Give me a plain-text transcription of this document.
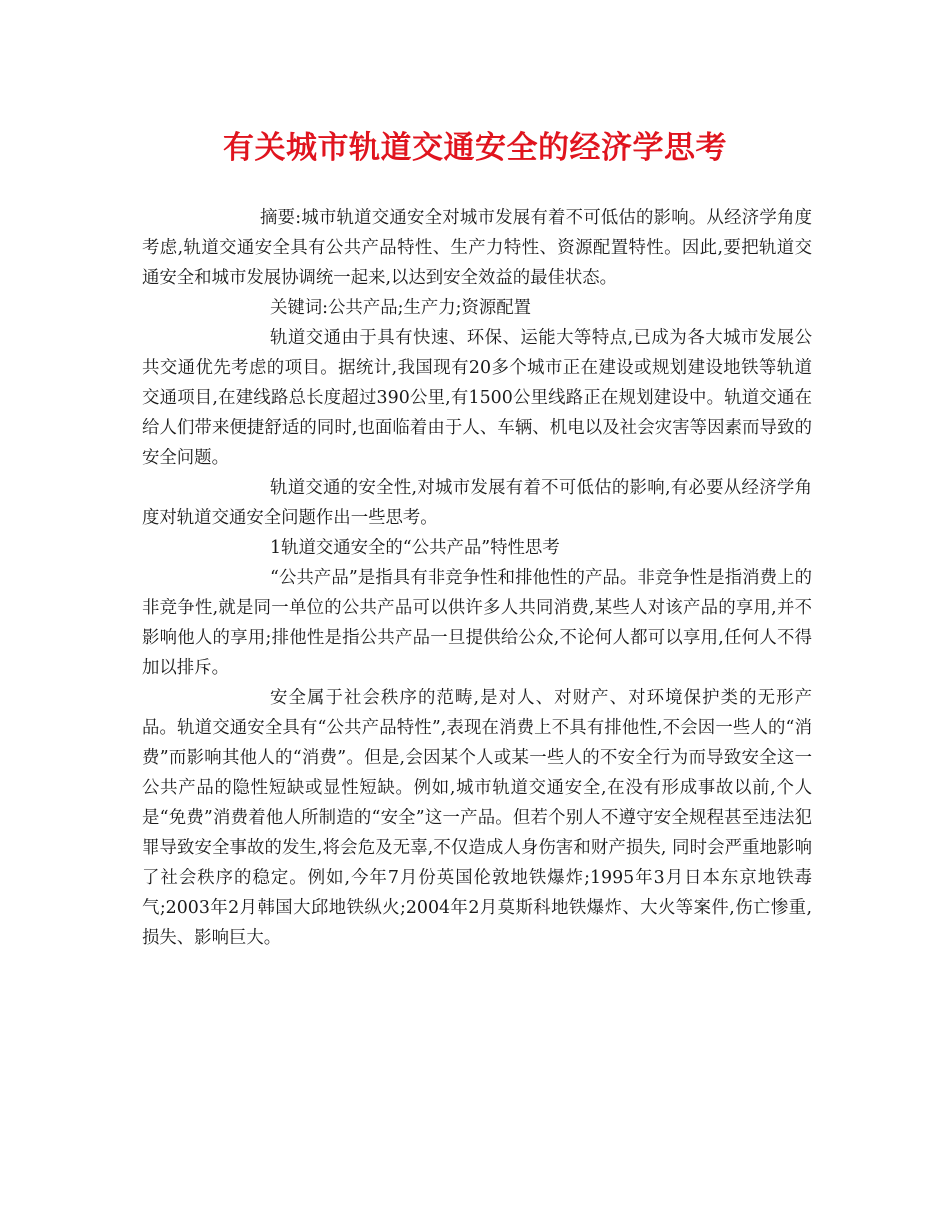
有关城市轨道交通安全的经济学思考

摘要:城市轨道交通安全对城市发展有着不可低估的影响。从经济学角度考虑,轨道交通安全具有公共产品特性、生产力特性、资源配置特性。因此,要把轨道交通安全和城市发展协调统一起来,以达到安全效益的最佳状态。

关键词:公共产品;生产力;资源配置

轨道交通由于具有快速、环保、运能大等特点,已成为各大城市发展公共交通优先考虑的项目。据统计,我国现有20多个城市正在建设或规划建设地铁等轨道交通项目,在建线路总长度超过390公里,有1500公里线路正在规划建设中。轨道交通在给人们带来便捷舒适的同时,也面临着由于人、车辆、机电以及社会灾害等因素而导致的安全问题。

轨道交通的安全性,对城市发展有着不可低估的影响,有必要从经济学角度对轨道交通安全问题作出一些思考。

1轨道交通安全的“公共产品”特性思考

“公共产品”是指具有非竞争性和排他性的产品。非竞争性是指消费上的非竞争性,就是同一单位的公共产品可以供许多人共同消费,某些人对该产品的享用,并不影响他人的享用;排他性是指公共产品一旦提供给公众,不论何人都可以享用,任何人不得加以排斥。

安全属于社会秩序的范畴,是对人、对财产、对环境保护类的无形产品。轨道交通安全具有“公共产品特性”,表现在消费上不具有排他性,不会因一些人的“消费”而影响其他人的“消费”。但是,会因某个人或某一些人的不安全行为而导致安全这一公共产品的隐性短缺或显性短缺。例如,城市轨道交通安全,在没有形成事故以前,个人是“免费”消费着他人所制造的“安全”这一产品。但若个别人不遵守安全规程甚至违法犯罪导致安全事故的发生,将会危及无辜,不仅造成人身伤害和财产损失, 同时会严重地影响了社会秩序的稳定。例如,今年7月份英国伦敦地铁爆炸;1995年3月日本东京地铁毒气;2003年2月韩国大邱地铁纵火;2004年2月莫斯科地铁爆炸、大火等案件,伤亡惨重,损失、影响巨大。
